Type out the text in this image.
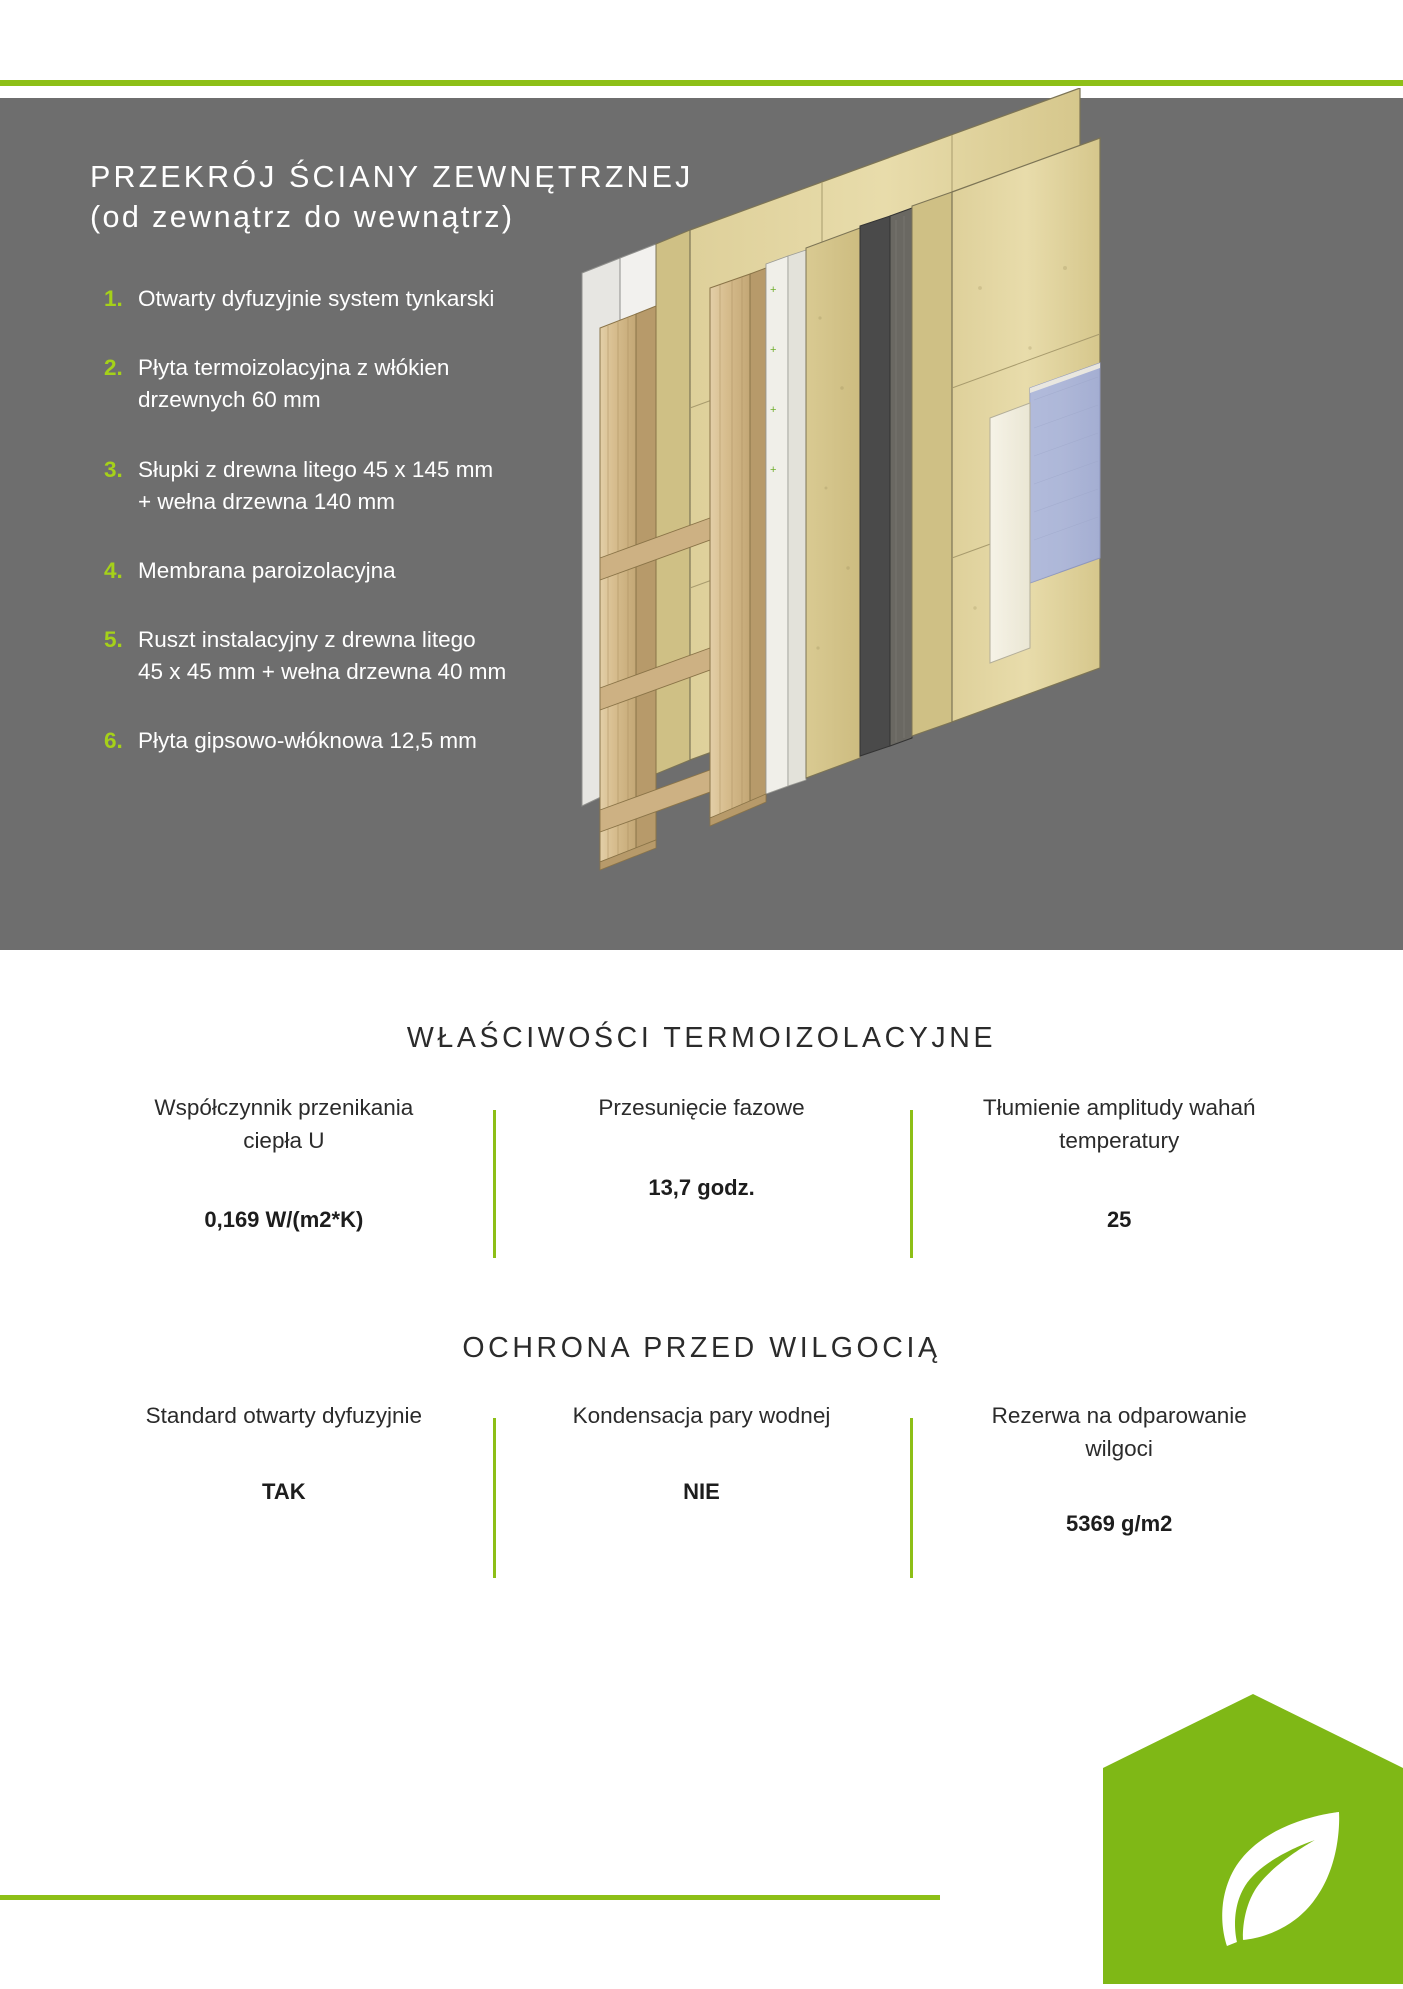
PRZEKRÓJ ŚCIANY ZEWNĘTRZNEJ
(od zewnątrz do wewnątrz)
1. Otwarty dyfuzyjnie system tynkarski
2. Płyta termoizolacyjna z włókien
drzewnych 60 mm
3. Słupki z drewna litego 45 x 145 mm
+ wełna drzewna 140 mm
4. Membrana paroizolacyjna
5. Ruszt instalacyjny z drewna litego
45 x 45 mm + wełna drzewna 40 mm
6. Płyta gipsowo-włóknowa 12,5 mm
+
+
+
+
WŁAŚCIWOŚCI TERMOIZOLACYJNE
Współczynnik przenikania
ciepła U
0,169 W/(m2*K)
Przesunięcie fazowe
13,7 godz.
Tłumienie amplitudy wahań
temperatury
25
OCHRONA PRZED WILGOCIĄ
Standard otwarty dyfuzyjnie
TAK
Kondensacja pary wodnej
NIE
Rezerwa na odparowanie
wilgoci
5369 g/m2
